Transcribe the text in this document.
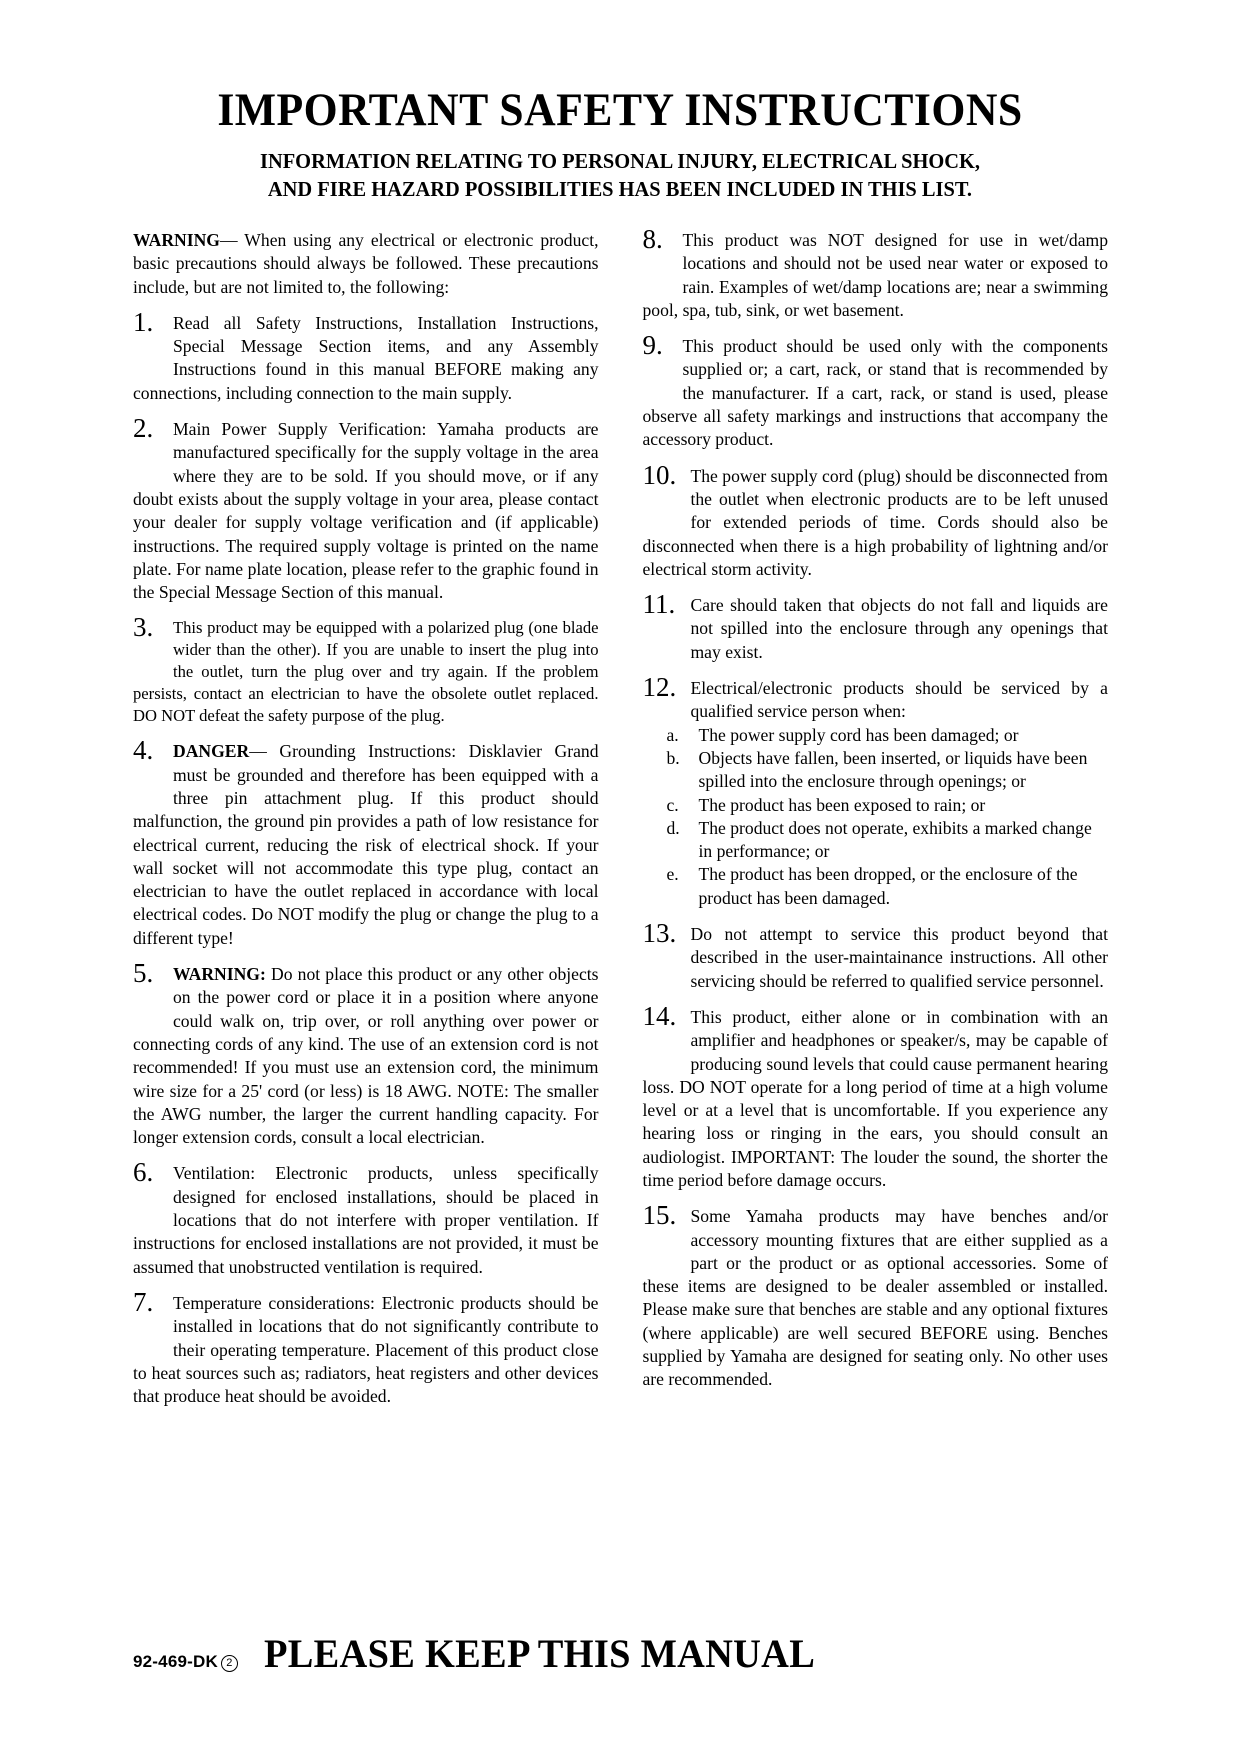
IMPORTANT SAFETY INSTRUCTIONS
INFORMATION RELATING TO PERSONAL INJURY, ELECTRICAL SHOCK,
AND FIRE HAZARD POSSIBILITIES HAS BEEN INCLUDED IN THIS LIST.

WARNING— When using any electrical or electronic product, basic precautions should always be followed. These precautions include, but are not limited to, the following:

1.	Read all Safety Instructions, Installation Instructions, Special Message Section items, and any Assembly Instructions found in this manual BEFORE making any connections, including connection to the main supply.
2.	Main Power Supply Verification: Yamaha products are manufactured specifically for the supply voltage in the area where they are to be sold. If you should move, or if any doubt exists about the supply voltage in your area, please contact your dealer for supply voltage verification and (if applicable) instructions. The required supply voltage is printed on the name plate. For name plate location, please refer to the graphic found in the Special Message Section of this manual.
3.	This product may be equipped with a polarized plug (one blade wider than the other). If you are unable to insert the plug into the outlet, turn the plug over and try again. If the problem persists, contact an electrician to have the obsolete outlet replaced. DO NOT defeat the safety purpose of the plug.
4.	DANGER— Grounding Instructions: Disklavier Grand must be grounded and therefore has been equipped with a three pin attachment plug. If this product should malfunction, the ground pin provides a path of low resistance for electrical current, reducing the risk of electrical shock. If your wall socket will not accommodate this type plug, contact an electrician to have the outlet replaced in accordance with local electrical codes. Do NOT modify the plug or change the plug to a different type!
5.	WARNING: Do not place this product or any other objects on the power cord or place it in a position where anyone could walk on, trip over, or roll anything over power or connecting cords of any kind. The use of an extension cord is not recommended! If you must use an extension cord, the minimum wire size for a 25' cord (or less) is 18 AWG. NOTE: The smaller the AWG number, the larger the current handling capacity. For longer extension cords, consult a local electrician.
6.	Ventilation: Electronic products, unless specifically designed for enclosed installations, should be placed in locations that do not interfere with proper ventilation. If instructions for enclosed installations are not provided, it must be assumed that unobstructed ventilation is required.
7.	Temperature considerations: Electronic products should be installed in locations that do not significantly contribute to their operating temperature. Placement of this product close to heat sources such as; radiators, heat registers and other devices that produce heat should be avoided.
8.	This product was NOT designed for use in wet/damp locations and should not be used near water or exposed to rain. Examples of wet/damp locations are; near a swimming pool, spa, tub, sink, or wet basement.
9.	This product should be used only with the components supplied or; a cart, rack, or stand that is recommended by the manufacturer. If a cart, rack, or stand is used, please observe all safety markings and instructions that accompany the accessory product.
10. The power supply cord (plug) should be disconnected from the outlet when electronic products are to be left unused for extended periods of time. Cords should also be disconnected when there is a high probability of lightning and/or electrical storm activity.
11. Care should taken that objects do not fall and liquids are not spilled into the enclosure through any openings that may exist.
12. Electrical/electronic products should be serviced by a qualified service person when:
a. The power supply cord has been damaged; or
b. Objects have fallen, been inserted, or liquids have been spilled into the enclosure through openings; or
c. The product has been exposed to rain; or
d. The product does not operate, exhibits a marked change in performance; or
e. The product has been dropped, or the enclosure of the product has been damaged.
13. Do not attempt to service this product beyond that described in the user-maintainance instructions. All other servicing should be referred to qualified service personnel.
14. This product, either alone or in combination with an amplifier and headphones or speaker/s, may be capable of producing sound levels that could cause permanent hearing loss. DO NOT operate for a long period of time at a high volume level or at a level that is uncomfortable. If you experience any hearing loss or ringing in the ears, you should consult an audiologist. IMPORTANT: The louder the sound, the shorter the time period before damage occurs.
15. Some Yamaha products may have benches and/or accessory mounting fixtures that are either supplied as a part or the product or as optional accessories. Some of these items are designed to be dealer assembled or installed. Please make sure that benches are stable and any optional fixtures (where applicable) are well secured BEFORE using. Benches supplied by Yamaha are designed for seating only. No other uses are recommended.
92-469-DK 2 PLEASE KEEP THIS MANUAL
